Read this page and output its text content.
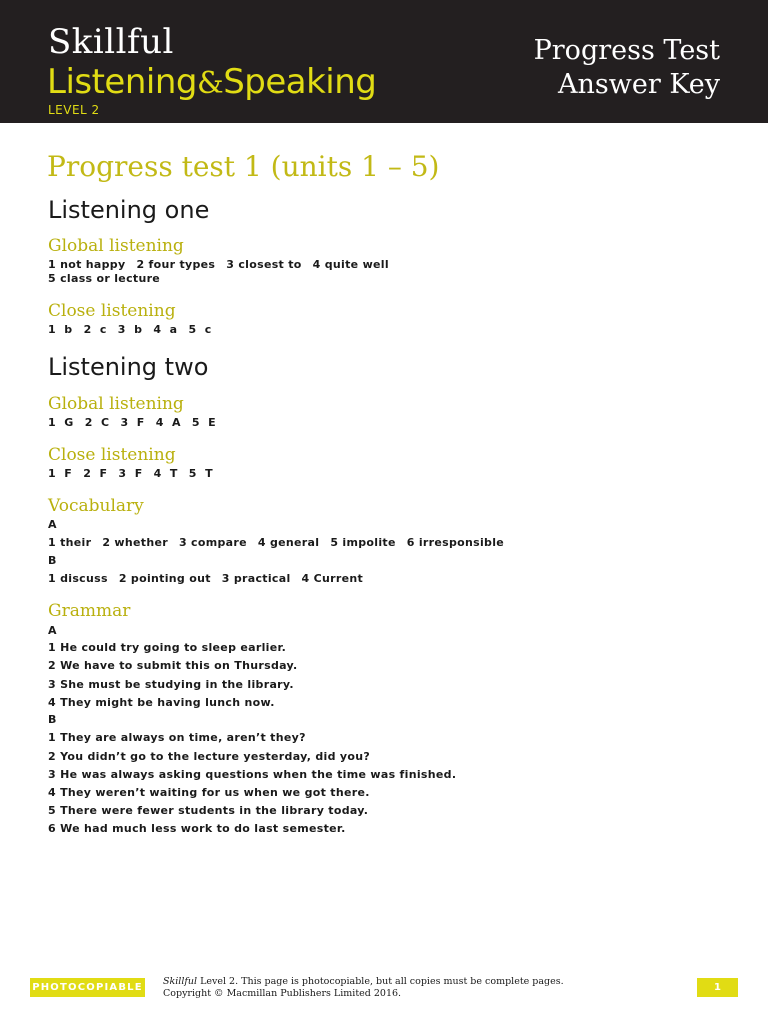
Skillful
Listening&Speaking
LEVEL 2
Progress Test
Answer Key
Progress test 1 (units 1 – 5)
Listening one
Global listening
1 not happy 2 four types 3 closest to 4 quite well
5 class or lecture
Close listening
1 b 2 c 3 b 4 a 5 c
Listening two
Global listening
1 G 2 C 3 F 4 A 5 E
Close listening
1 F 2 F 3 F 4 T 5 T
Vocabulary
A
1 their 2 whether 3 compare 4 general 5 impolite 6 irresponsible
B
1 discuss 2 pointing out 3 practical 4 Current
Grammar
A
1 He could try going to sleep earlier.
2 We have to submit this on Thursday.
3 She must be studying in the library.
4 They might be having lunch now.
B
1 They are always on time, aren’t they?
2 You didn’t go to the lecture yesterday, did you?
3 He was always asking questions when the time was finished.
4 They weren’t waiting for us when we got there.
5 There were fewer students in the library today.
6 We had much less work to do last semester.
PHOTOCOPIABLE
Skillful Level 2. This page is photocopiable, but all copies must be complete pages.
Copyright © Macmillan Publishers Limited 2016.
1
